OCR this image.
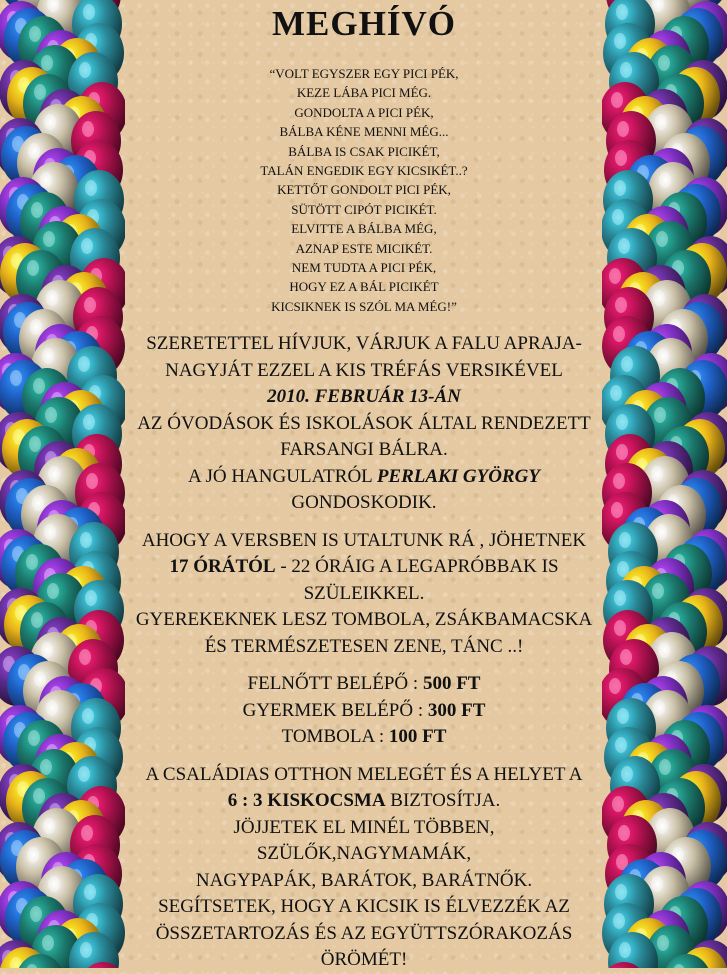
MEGHÍVÓ
“VOLT EGYSZER EGY PICI PÉK,
KEZE LÁBA PICI MÉG.
GONDOLTA A PICI PÉK,
BÁLBA KÉNE MENNI MÉG...
BÁLBA IS CSAK PICIKÉT,
TALÁN ENGEDIK EGY KICSIKÉT..?
KETTŐT GONDOLT PICI PÉK,
SÜTÖTT CIPÓT PICIKÉT.
ELVITTE A BÁLBA MÉG,
AZNAP ESTE MICIKÉT.
NEM TUDTA A PICI PÉK,
HOGY EZ A BÁL PICIKÉT
KICSIKNEK IS SZÓL MA MÉG!”
SZERETETTEL HÍVJUK, VÁRJUK A FALU APRAJA-
NAGYJÁT EZZEL A KIS TRÉFÁS VERSIKÉVEL
2010. FEBRUÁR 13-ÁN
AZ ÓVODÁSOK ÉS ISKOLÁSOK ÁLTAL RENDEZETT
FARSANGI BÁLRA.
A JÓ HANGULATRÓL PERLAKI GYÖRGY
GONDOSKODIK.
AHOGY A VERSBEN IS UTALTUNK RÁ , JÖHETNEK
17 ÓRÁTÓL - 22 ÓRÁIG A LEGAPRÓBBAK IS
SZÜLEIKKEL.
GYEREKEKNEK LESZ TOMBOLA, ZSÁKBAMACSKA
ÉS TERMÉSZETESEN ZENE, TÁNC ..!
FELNŐTT BELÉPŐ : 500 FT
GYERMEK BELÉPŐ : 300 FT
TOMBOLA : 100 FT
A CSALÁDIAS OTTHON MELEGÉT ÉS A HELYET A
6 : 3 KISKOCSMA BIZTOSÍTJA.
JÖJJETEK EL MINÉL TÖBBEN,
SZÜLŐK,NAGYMAMÁK,
NAGYPAPÁK, BARÁTOK, BARÁTNŐK.
SEGÍTSETEK, HOGY A KICSIK IS ÉLVEZZÉK AZ
ÖSSZETARTOZÁS ÉS AZ EGYÜTTSZÓRAKOZÁS
ÖRÖMÉT!
